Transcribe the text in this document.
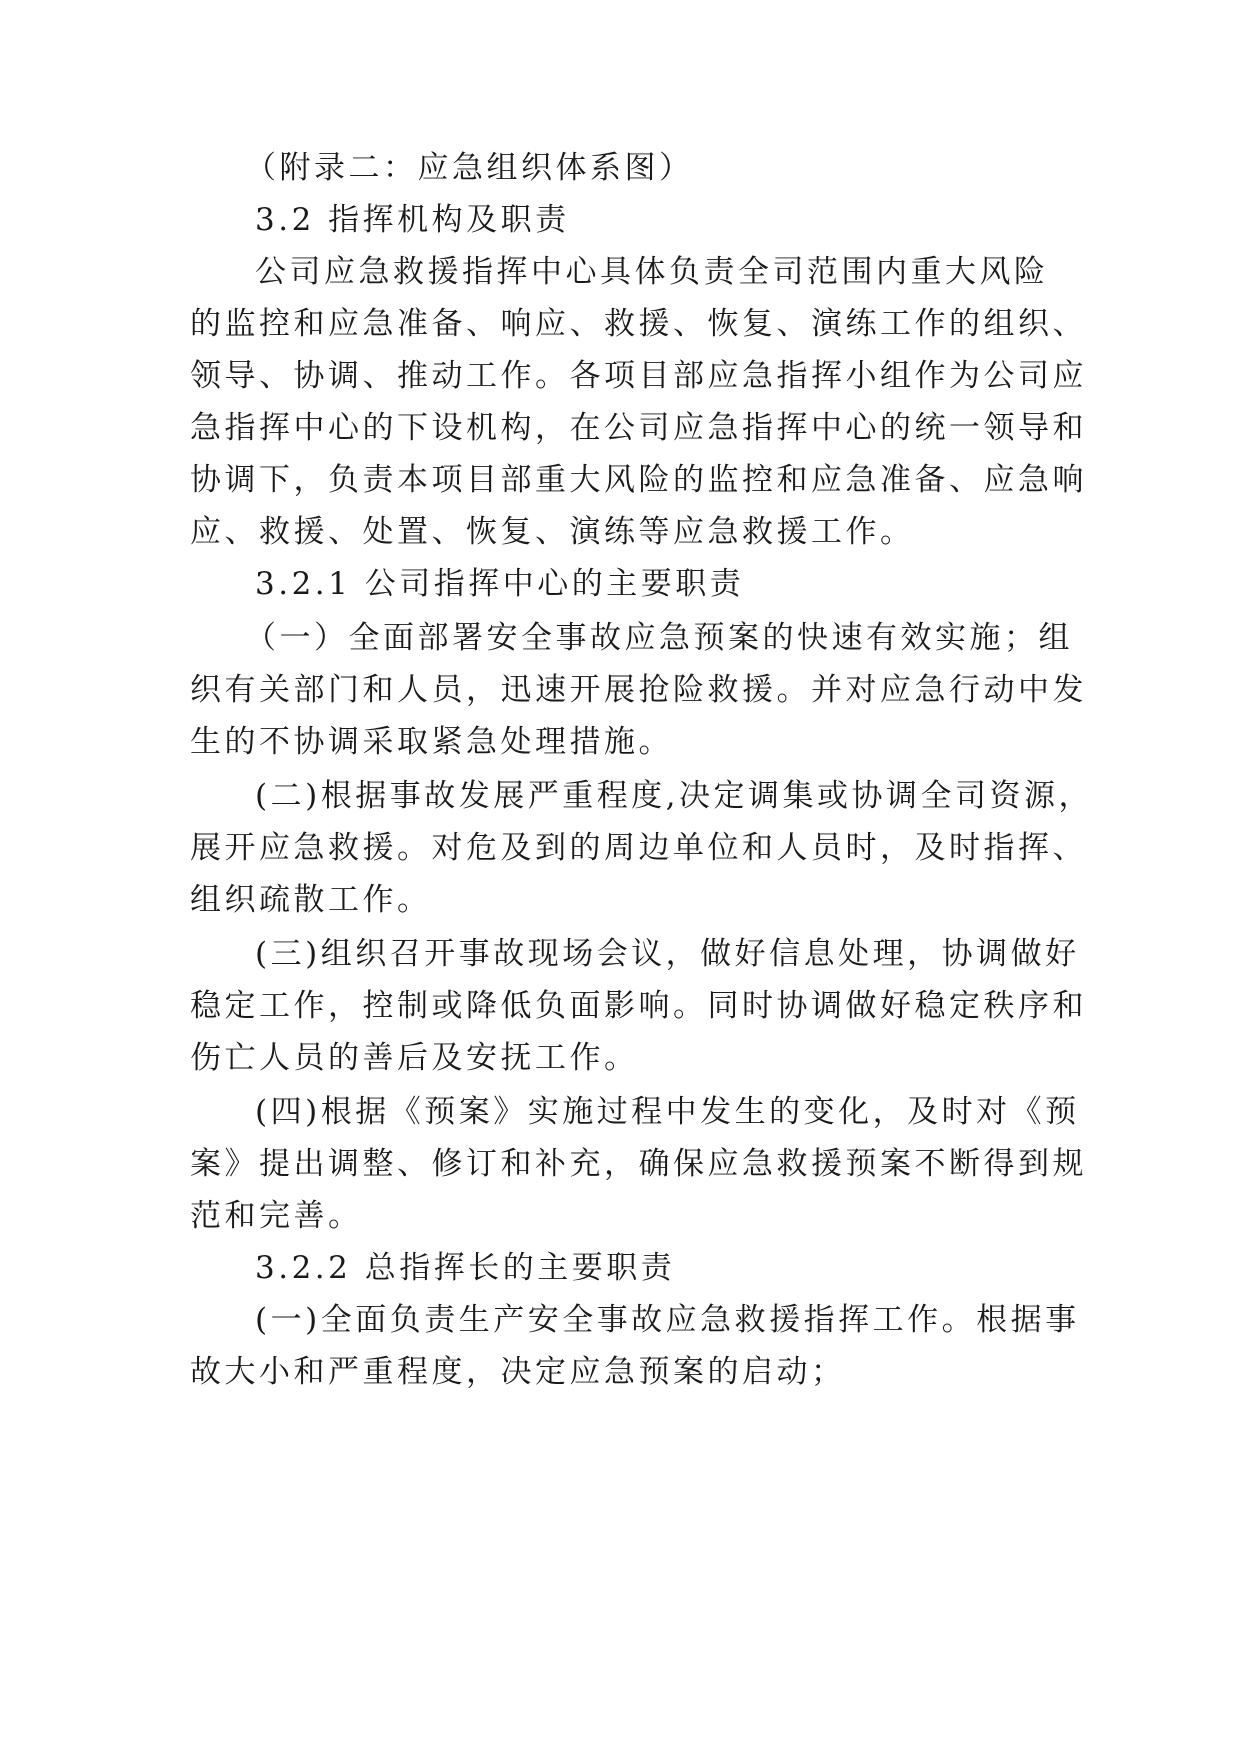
（附录二：应急组织体系图）

3.2 指挥机构及职责

公司应急救援指挥中心具体负责全司范围内重大风险

的监控和应急准备、响应、救援、恢复、演练工作的组织、

领导、协调、推动工作。各项目部应急指挥小组作为公司应

急指挥中心的下设机构，在公司应急指挥中心的统一领导和

协调下，负责本项目部重大风险的监控和应急准备、应急响

应、救援、处置、恢复、演练等应急救援工作。

3.2.1 公司指挥中心的主要职责

（一）全面部署安全事故应急预案的快速有效实施；组

织有关部门和人员，迅速开展抢险救援。并对应急行动中发

生的不协调采取紧急处理措施。

(二)根据事故发展严重程度,决定调集或协调全司资源，

展开应急救援。对危及到的周边单位和人员时，及时指挥、

组织疏散工作。

(三)组织召开事故现场会议，做好信息处理，协调做好

稳定工作，控制或降低负面影响。同时协调做好稳定秩序和

伤亡人员的善后及安抚工作。

(四)根据《预案》实施过程中发生的变化，及时对《预

案》提出调整、修订和补充，确保应急救援预案不断得到规

范和完善。

3.2.2 总指挥长的主要职责

(一)全面负责生产安全事故应急救援指挥工作。根据事

故大小和严重程度，决定应急预案的启动；
